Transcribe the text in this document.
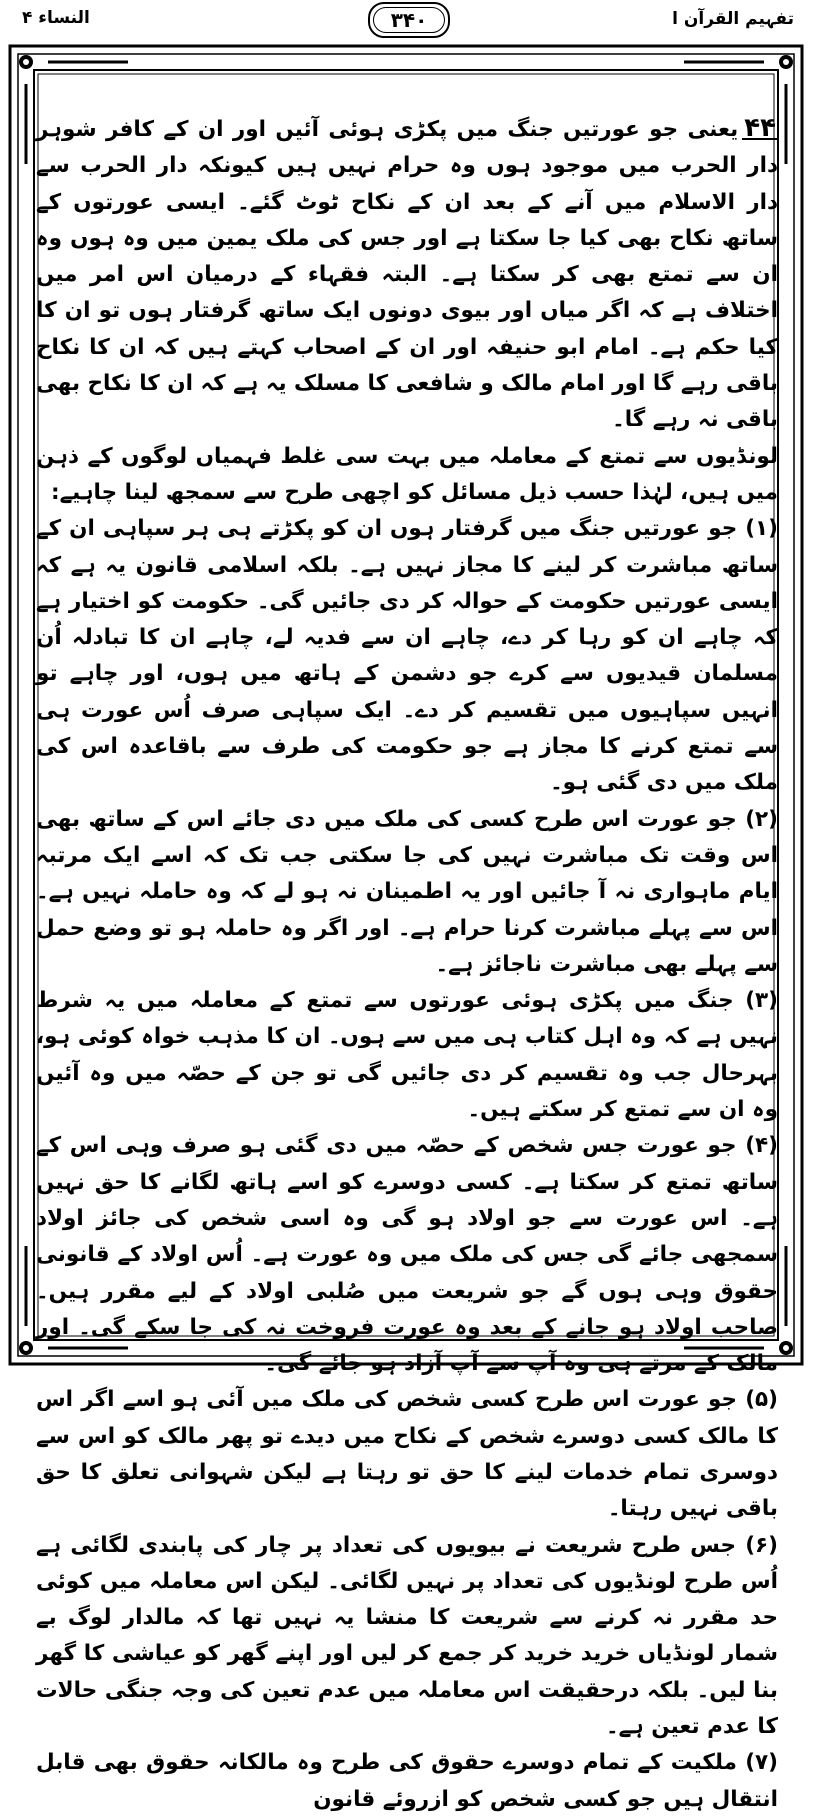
تفہیم القرآن ا
۳۴۰
النساء ۴

۴۴یعنی جو عورتیں جنگ میں پکڑی ہوئی آئیں اور ان کے کافر شوہر دار الحرب میں موجود ہوں وہ حرام نہیں ہیں کیونکہ دار الحرب سے دار الاسلام میں آنے کے بعد ان کے نکاح ٹوٹ گئے۔ ایسی عورتوں کے ساتھ نکاح بھی کیا جا سکتا ہے اور جس کی ملک یمین میں وہ ہوں وہ ان سے تمتع بھی کر سکتا ہے۔ البتہ فقہاء کے درمیان اس امر میں اختلاف ہے کہ اگر میاں اور بیوی دونوں ایک ساتھ گرفتار ہوں تو ان کا کیا حکم ہے۔ امام ابو حنیفہ اور ان کے اصحاب کہتے ہیں کہ ان کا نکاح باقی رہے گا اور امام مالک و شافعی کا مسلک یہ ہے کہ ان کا نکاح بھی باقی نہ رہے گا۔

لونڈیوں سے تمتع کے معاملہ میں بہت سی غلط فہمیاں لوگوں کے ذہن میں ہیں، لہٰذا حسب ذیل مسائل کو اچھی طرح سے سمجھ لینا چاہیے:

(۱) جو عورتیں جنگ میں گرفتار ہوں ان کو پکڑتے ہی ہر سپاہی ان کے ساتھ مباشرت کر لینے کا مجاز نہیں ہے۔ بلکہ اسلامی قانون یہ ہے کہ ایسی عورتیں حکومت کے حوالہ کر دی جائیں گی۔ حکومت کو اختیار ہے کہ چاہے ان کو رہا کر دے، چاہے ان سے فدیہ لے، چاہے ان کا تبادلہ اُن مسلمان قیدیوں سے کرے جو دشمن کے ہاتھ میں ہوں، اور چاہے تو انہیں سپاہیوں میں تقسیم کر دے۔ ایک سپاہی صرف اُس عورت ہی سے تمتع کرنے کا مجاز ہے جو حکومت کی طرف سے باقاعدہ اس کی ملک میں دی گئی ہو۔

(۲) جو عورت اس طرح کسی کی ملک میں دی جائے اس کے ساتھ بھی اس وقت تک مباشرت نہیں کی جا سکتی جب تک کہ اسے ایک مرتبہ ایام ماہواری نہ آ جائیں اور یہ اطمینان نہ ہو لے کہ وہ حاملہ نہیں ہے۔ اس سے پہلے مباشرت کرنا حرام ہے۔ اور اگر وہ حاملہ ہو تو وضع حمل سے پہلے بھی مباشرت ناجائز ہے۔

(۳) جنگ میں پکڑی ہوئی عورتوں سے تمتع کے معاملہ میں یہ شرط نہیں ہے کہ وہ اہل کتاب ہی میں سے ہوں۔ ان کا مذہب خواہ کوئی ہو، بہرحال جب وہ تقسیم کر دی جائیں گی تو جن کے حصّہ میں وہ آئیں وہ ان سے تمتع کر سکتے ہیں۔

(۴) جو عورت جس شخص کے حصّہ میں دی گئی ہو صرف وہی اس کے ساتھ تمتع کر سکتا ہے۔ کسی دوسرے کو اسے ہاتھ لگانے کا حق نہیں ہے۔ اس عورت سے جو اولاد ہو گی وہ اسی شخص کی جائز اولاد سمجھی جائے گی جس کی ملک میں وہ عورت ہے۔ اُس اولاد کے قانونی حقوق وہی ہوں گے جو شریعت میں صُلبی اولاد کے لیے مقرر ہیں۔ صاحب اولاد ہو جانے کے بعد وہ عورت فروخت نہ کی جا سکے گی۔ اور مالک کے مرتے ہی وہ آپ سے آپ آزاد ہو جائے گی۔

(۵) جو عورت اس طرح کسی شخص کی ملک میں آئی ہو اسے اگر اس کا مالک کسی دوسرے شخص کے نکاح میں دیدے تو پھر مالک کو اس سے دوسری تمام خدمات لینے کا حق تو رہتا ہے لیکن شہوانی تعلق کا حق باقی نہیں رہتا۔

(۶) جس طرح شریعت نے بیویوں کی تعداد پر چار کی پابندی لگائی ہے اُس طرح لونڈیوں کی تعداد پر نہیں لگائی۔ لیکن اس معاملہ میں کوئی حد مقرر نہ کرنے سے شریعت کا منشا یہ نہیں تھا کہ مالدار لوگ بے شمار لونڈیاں خرید خرید کر جمع کر لیں اور اپنے گھر کو عیاشی کا گھر بنا لیں۔ بلکہ درحقیقت اس معاملہ میں عدم تعین کی وجہ جنگی حالات کا عدم تعین ہے۔

(۷) ملکیت کے تمام دوسرے حقوق کی طرح وہ مالکانہ حقوق بھی قابل انتقال ہیں جو کسی شخص کو ازروئے قانون
